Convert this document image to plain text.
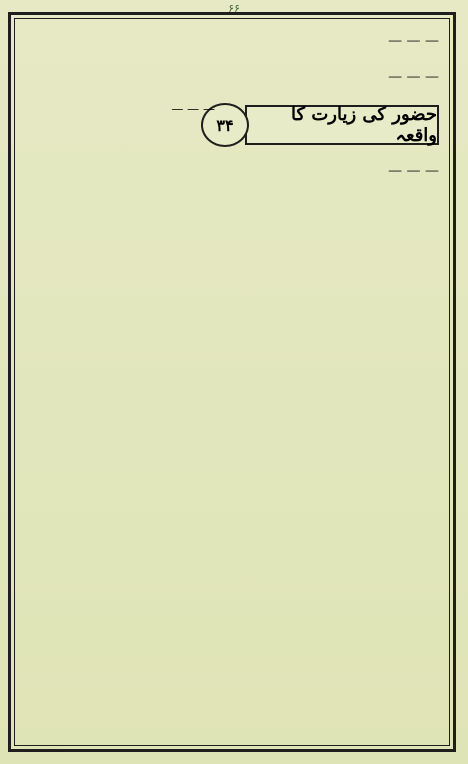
۶۶

— — —

— — —

حضور کی زیارت کا واقعہ
۳۴
— — —

— — —

— — —
